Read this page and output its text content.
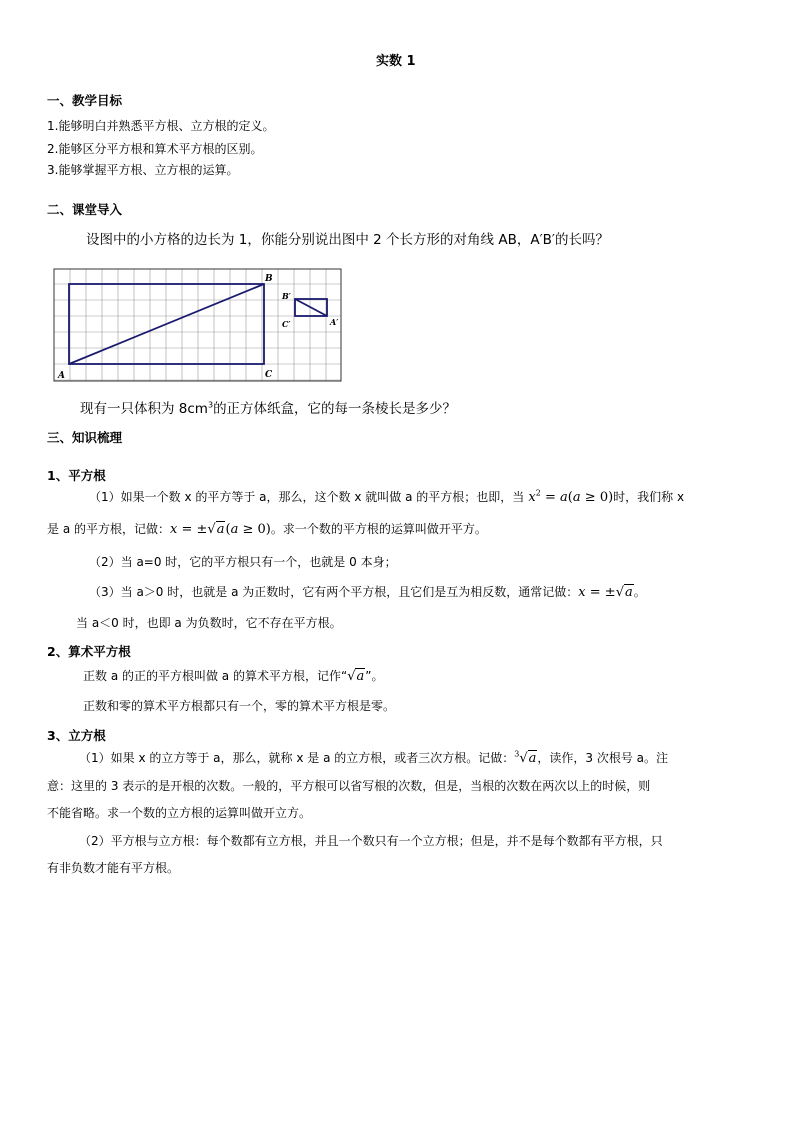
实数 1
一、教学目标
1.能够明白并熟悉平方根、立方根的定义。
2.能够区分平方根和算术平方根的区别。
3.能够掌握平方根、立方根的运算。
二、课堂导入
设图中的小方格的边长为 1，你能分别说出图中 2 个长方形的对角线 AB，A′B′的长吗？
A
B
C
B′
C′	A′
现有一只体积为 $8cm^3$的正方体纸盒，它的每一条棱长是多少？
三、知识梳理
1、平方根
（1）如果一个数 x 的平方等于 a，那么，这个数 x 就叫做 a 的平方根；也即，当 $x^2 = a(a \ge 0)$时，我们称 x
是 a 的平方根，记做：x = ±√a(a ≥ 0)。求一个数的平方根的运算叫做开平方。
（2）当 a=0 时，它的平方根只有一个，也就是 0 本身；
（3）当 a＞0 时，也就是 a 为正数时，它有两个平方根，且它们是互为相反数，通常记做：x = ±√a。
当 a＜0 时，也即 a 为负数时，它不存在平方根。
2、算术平方根
正数 a 的正的平方根叫做 a 的算术平方根，记作“√a”。
正数和零的算术平方根都只有一个，零的算术平方根是零。
3、立方根
（1）如果 x 的立方等于 a，那么，就称 x 是 a 的立方根，或者三次方根。记做：$^3$√a，读作，3 次根号 a。注
意：这里的 3 表示的是开根的次数。一般的，平方根可以省写根的次数，但是，当根的次数在两次以上的时候，则
不能省略。求一个数的立方根的运算叫做开立方。
（2）平方根与立方根：每个数都有立方根，并且一个数只有一个立方根；但是，并不是每个数都有平方根，只
有非负数才能有平方根。
